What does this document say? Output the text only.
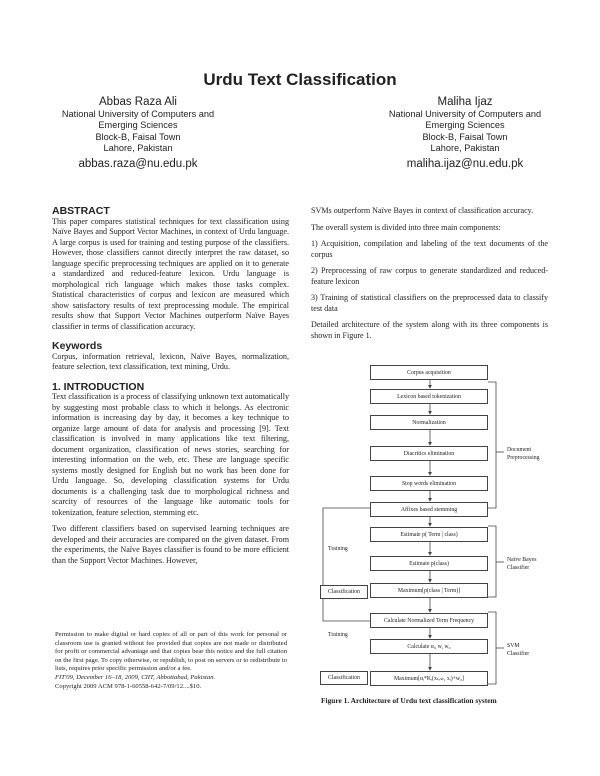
Urdu Text Classification
Abbas Raza Ali
National University of Computers and
Emerging Sciences
Block-B, Faisal Town
Lahore, Pakistan
abbas.raza@nu.edu.pk
Maliha Ijaz
National University of Computers and
Emerging Sciences
Block-B, Faisal Town
Lahore, Pakistan
maliha.ijaz@nu.edu.pk
ABSTRACT

This paper compares statistical techniques for text classification using Naïve Bayes and Support Vector Machines, in context of Urdu language. A large corpus is used for training and testing purpose of the classifiers. However, those classifiers cannot directly interpret the raw dataset, so language specific preprocessing techniques are applied on it to generate a standardized and reduced-feature lexicon. Urdu language is morphological rich language which makes those tasks complex. Statistical characteristics of corpus and lexicon are measured which show satisfactory results of text preprocessing module. The empirical results show that Support Vector Machines outperform Naïve Bayes classifier in terms of classification accuracy.

Keywords

Corpus, information retrieval, lexicon, Naïve Bayes, normalization, feature selection, text classification, text mining, Urdu.

1. INTRODUCTION

Text classification is a process of classifying unknown text automatically by suggesting most probable class to which it belongs. As electronic information is increasing day by day, it becomes a key technique to organize large amount of data for analysis and processing [9]. Text classification is involved in many applications like text filtering, document organization, classification of news stories, searching for interesting information on the web, etc. These are language specific systems mostly designed for English but no work has been done for Urdu language. So, developing classification systems for Urdu documents is a challenging task due to morphological richness and scarcity of resources of the language like automatic tools for tokenization, feature selection, stemming etc.

Two different classifiers based on supervised learning techniques are developed and their accuracies are compared on the given dataset. From the experiments, the Naïve Bayes classifier is found to be more efficient than the Support Vector Machines. However,

Permission to make digital or hard copies of all or part of this work for personal or classroom use is granted without fee provided that copies are not made or distributed for profit or commercial advantage and that copies bear this notice and the full citation on the first page. To copy otherwise, or republish, to post on servers or to redistribute to lists, requires prior specific permission and/or a fee.
FIT'09, December 16–18, 2009, CIIT, Abbottabad, Pakistan.
Copyright 2009 ACM 978-1-60558-642-7/09/12....$10.

SVMs outperform Naïve Bayes in context of classification accuracy.

The overall system is divided into three main components:

1) Acquisition, compilation and labeling of the text documents of the corpus

2) Preprocessing of raw corpus to generate standardized and reduced-feature lexicon

3) Training of statistical classifiers on the preprocessed data to classify test data

Detailed architecture of the system along with its three components is shown in Figure 1.

Corpus acquisition
Lexicon based tokenization
Normalization
Diacritics elimination
Stop words elimination
Affixes based stemming
Estimate p( Term | class)
Estimate p(class)
Maximum[p(class | Term)]
Calculate Normalized Term Frequency
Calculate αᵢ, w, w₀
Maximum[αᵢ*Kᵢ(xₜₑₛₜ, xᵢ)+w₀]
Training
Classification
Training
Classification
Document
Preprocessing
Naïve Bayes
Classifier
SVM
Classifier
Figure 1. Architecture of Urdu text classification system
